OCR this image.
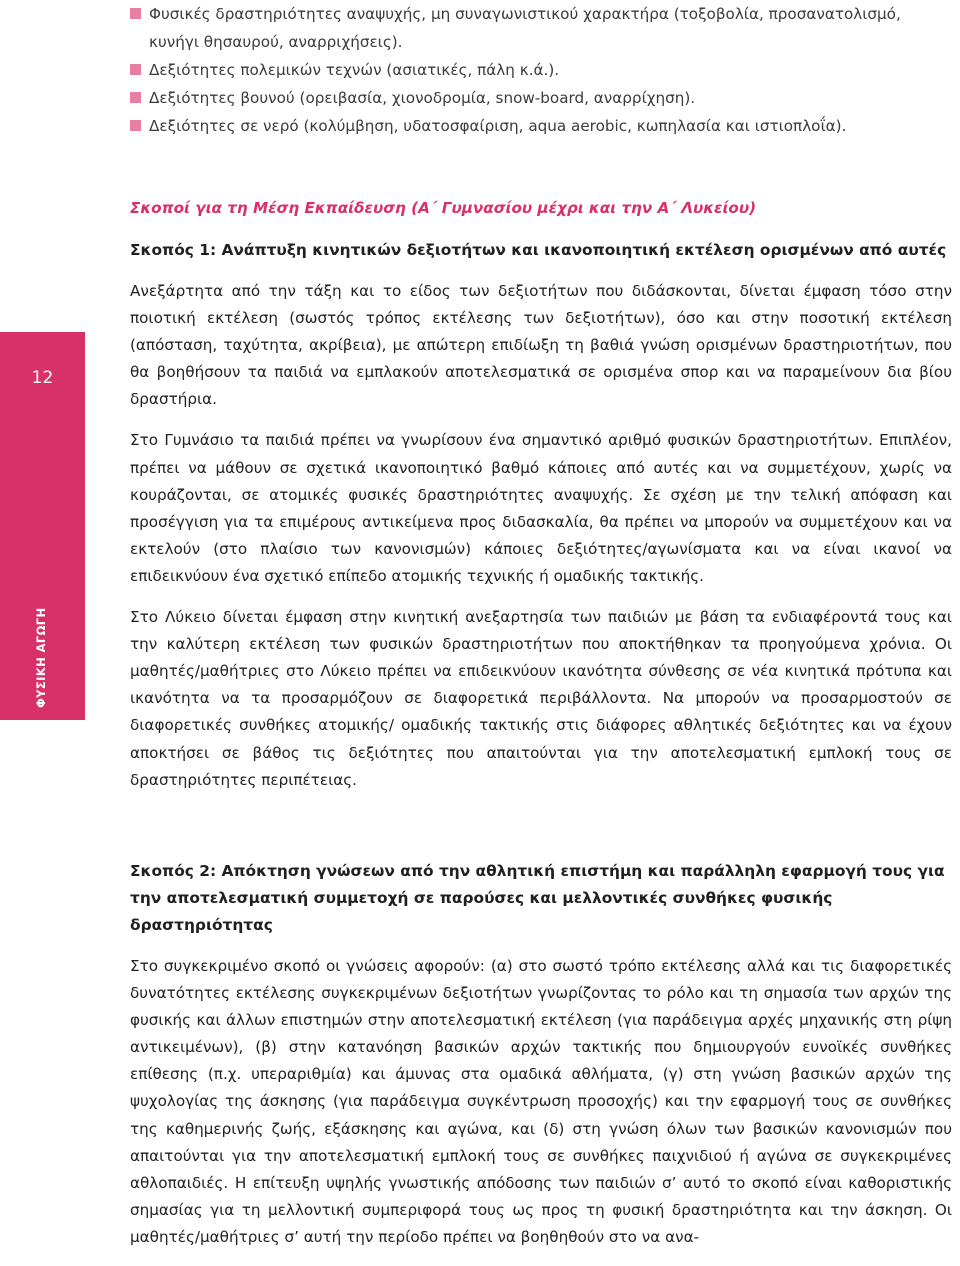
12
ΦΥΣΙΚΗ ΑΓΩΓΗ
Φυσικές δραστηριότητες αναψυχής, μη συναγωνιστικού χαρακτήρα (τοξοβολία, προσανατολισμό, κυνήγι θησαυρού, αναρριχήσεις).
Δεξιότητες πολεμικών τεχνών (ασιατικές, πάλη κ.ά.).
Δεξιότητες βουνού (ορειβασία, χιονοδρομία, snow-board, αναρρίχηση).
Δεξιότητες σε νερό (κολύμβηση, υδατοσφαίριση, aqua aerobic, κωπηλασία και ιστιοπλοΐα).
Σκοποί για τη Μέση Εκπαίδευση (Α΄ Γυμνασίου μέχρι και την Α΄ Λυκείου)
Σκοπός 1: Ανάπτυξη κινητικών δεξιοτήτων και ικανοποιητική εκτέλεση ορισμένων από αυτές

Ανεξάρτητα από την τάξη και το είδος των δεξιοτήτων που διδάσκονται, δίνεται έμφαση τόσο στην ποιοτική εκτέλεση (σωστός τρόπος εκτέλεσης των δεξιοτήτων), όσο και στην ποσοτική εκτέλεση (απόσταση, ταχύτητα, ακρίβεια), με απώτερη επιδίωξη τη βαθιά γνώση ορισμένων δραστηριοτήτων, που θα βοηθήσουν τα παιδιά να εμπλακούν αποτελεσματικά σε ορισμένα σπορ και να παραμείνουν δια βίου δραστήρια.

Στο Γυμνάσιο τα παιδιά πρέπει να γνωρίσουν ένα σημαντικό αριθμό φυσικών δραστηριοτήτων. Επιπλέον, πρέπει να μάθουν σε σχετικά ικανοποιητικό βαθμό κάποιες από αυτές και να συμμετέχουν, χωρίς να κουράζονται, σε ατομικές φυσικές δραστηριότητες αναψυχής. Σε σχέση με την τελική απόφαση και προσέγγιση για τα επιμέρους αντικείμενα προς διδασκαλία, θα πρέπει να μπορούν να συμμετέχουν και να εκτελούν (στο πλαίσιο των κανονισμών) κάποιες δεξιότητες/αγωνίσματα και να είναι ικανοί να επιδεικνύουν ένα σχετικό επίπεδο ατομικής τεχνικής ή ομαδικής τακτικής.

Στο Λύκειο δίνεται έμφαση στην κινητική ανεξαρτησία των παιδιών με βάση τα ενδιαφέροντά τους και την καλύτερη εκτέλεση των φυσικών δραστηριοτήτων που αποκτήθηκαν τα προηγούμενα χρόνια. Οι μαθητές/μαθήτριες στο Λύκειο πρέπει να επιδεικνύουν ικανότητα σύνθεσης σε νέα κινητικά πρότυπα και ικανότητα να τα προσαρμόζουν σε διαφορετικά περιβάλλοντα. Να μπορούν να προσαρμοστούν σε διαφορετικές συνθήκες ατομικής/ ομαδικής τακτικής στις διάφορες αθλητικές δεξιότητες και να έχουν αποκτήσει σε βάθος τις δεξιότητες που απαιτούνται για την αποτελεσματική εμπλοκή τους σε δραστηριότητες περιπέτειας.

Σκοπός 2: Απόκτηση γνώσεων από την αθλητική επιστήμη και παράλληλη εφαρμογή τους για την αποτελεσματική συμμετοχή σε παρούσες και μελλοντικές συνθήκες φυσικής δραστηριότητας

Στο συγκεκριμένο σκοπό οι γνώσεις αφορούν: (α) στο σωστό τρόπο εκτέλεσης αλλά και τις διαφορετικές δυνατότητες εκτέλεσης συγκεκριμένων δεξιοτήτων γνωρίζοντας το ρόλο και τη σημασία των αρχών της φυσικής και άλλων επιστημών στην αποτελεσματική εκτέλεση (για παράδειγμα αρχές μηχανικής στη ρίψη αντικειμένων), (β) στην κατανόηση βασικών αρχών τακτικής που δημιουργούν ευνοϊκές συνθήκες επίθεσης (π.χ. υπεραριθμία) και άμυνας στα ομαδικά αθλήματα, (γ) στη γνώση βασικών αρχών της ψυχολογίας της άσκησης (για παράδειγμα συγκέντρωση προσοχής) και την εφαρμογή τους σε συνθήκες της καθημερινής ζωής, εξάσκησης και αγώνα, και (δ) στη γνώση όλων των βασικών κανονισμών που απαιτούνται για την αποτελεσματική εμπλοκή τους σε συνθήκες παιχνιδιού ή αγώνα σε συγκεκριμένες αθλοπαιδιές. Η επίτευξη υψηλής γνωστικής απόδοσης των παιδιών σ’ αυτό το σκοπό είναι καθοριστικής σημασίας για τη μελλοντική συμπεριφορά τους ως προς τη φυσική δραστηριότητα και την άσκηση. Οι μαθητές/μαθήτριες σ’ αυτή την περίοδο πρέπει να βοηθηθούν στο να ανα-
